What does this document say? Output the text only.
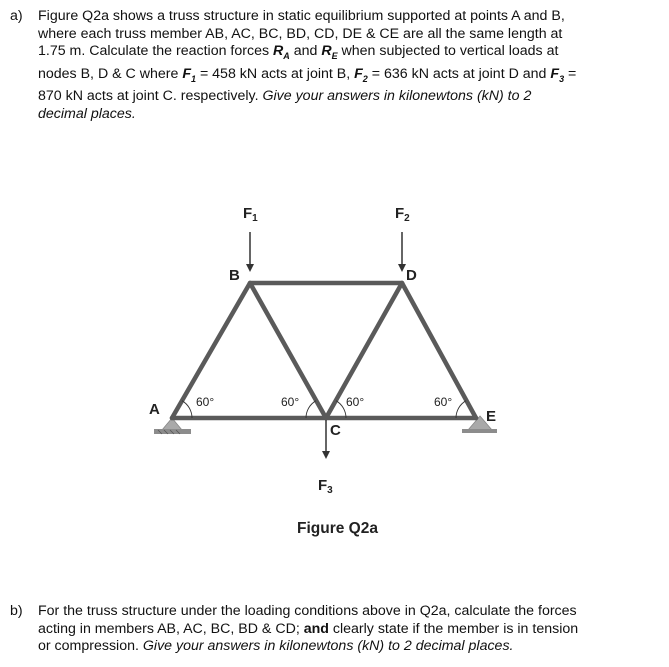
a) Figure Q2a shows a truss structure in static equilibrium supported at points A and B,
where each truss member AB, AC, BC, BD, CD, DE & CE are all the same length at
1.75 m. Calculate the reaction forces $R_A$ and $R_E$ when subjected to vertical loads at
nodes B, D & C where $F_1 = 458$ kN acts at joint B, $F_2 = 636$ kN acts at joint D and $F_3$ =
870 kN acts at joint C. respectively. Give your answers in kilonewtons (kN) to 2
decimal places.
$F_1$	$F_2$
$F_3$
B	D
A	E
C
60°	60°	60°	60°
Figure Q2a
b) For the truss structure under the loading conditions above in Q2a, calculate the forces
acting in members AB, AC, BC, BD & CD; and clearly state if the member is in tension
or compression. Give your answers in kilonewtons (kN) to 2 decimal places.
